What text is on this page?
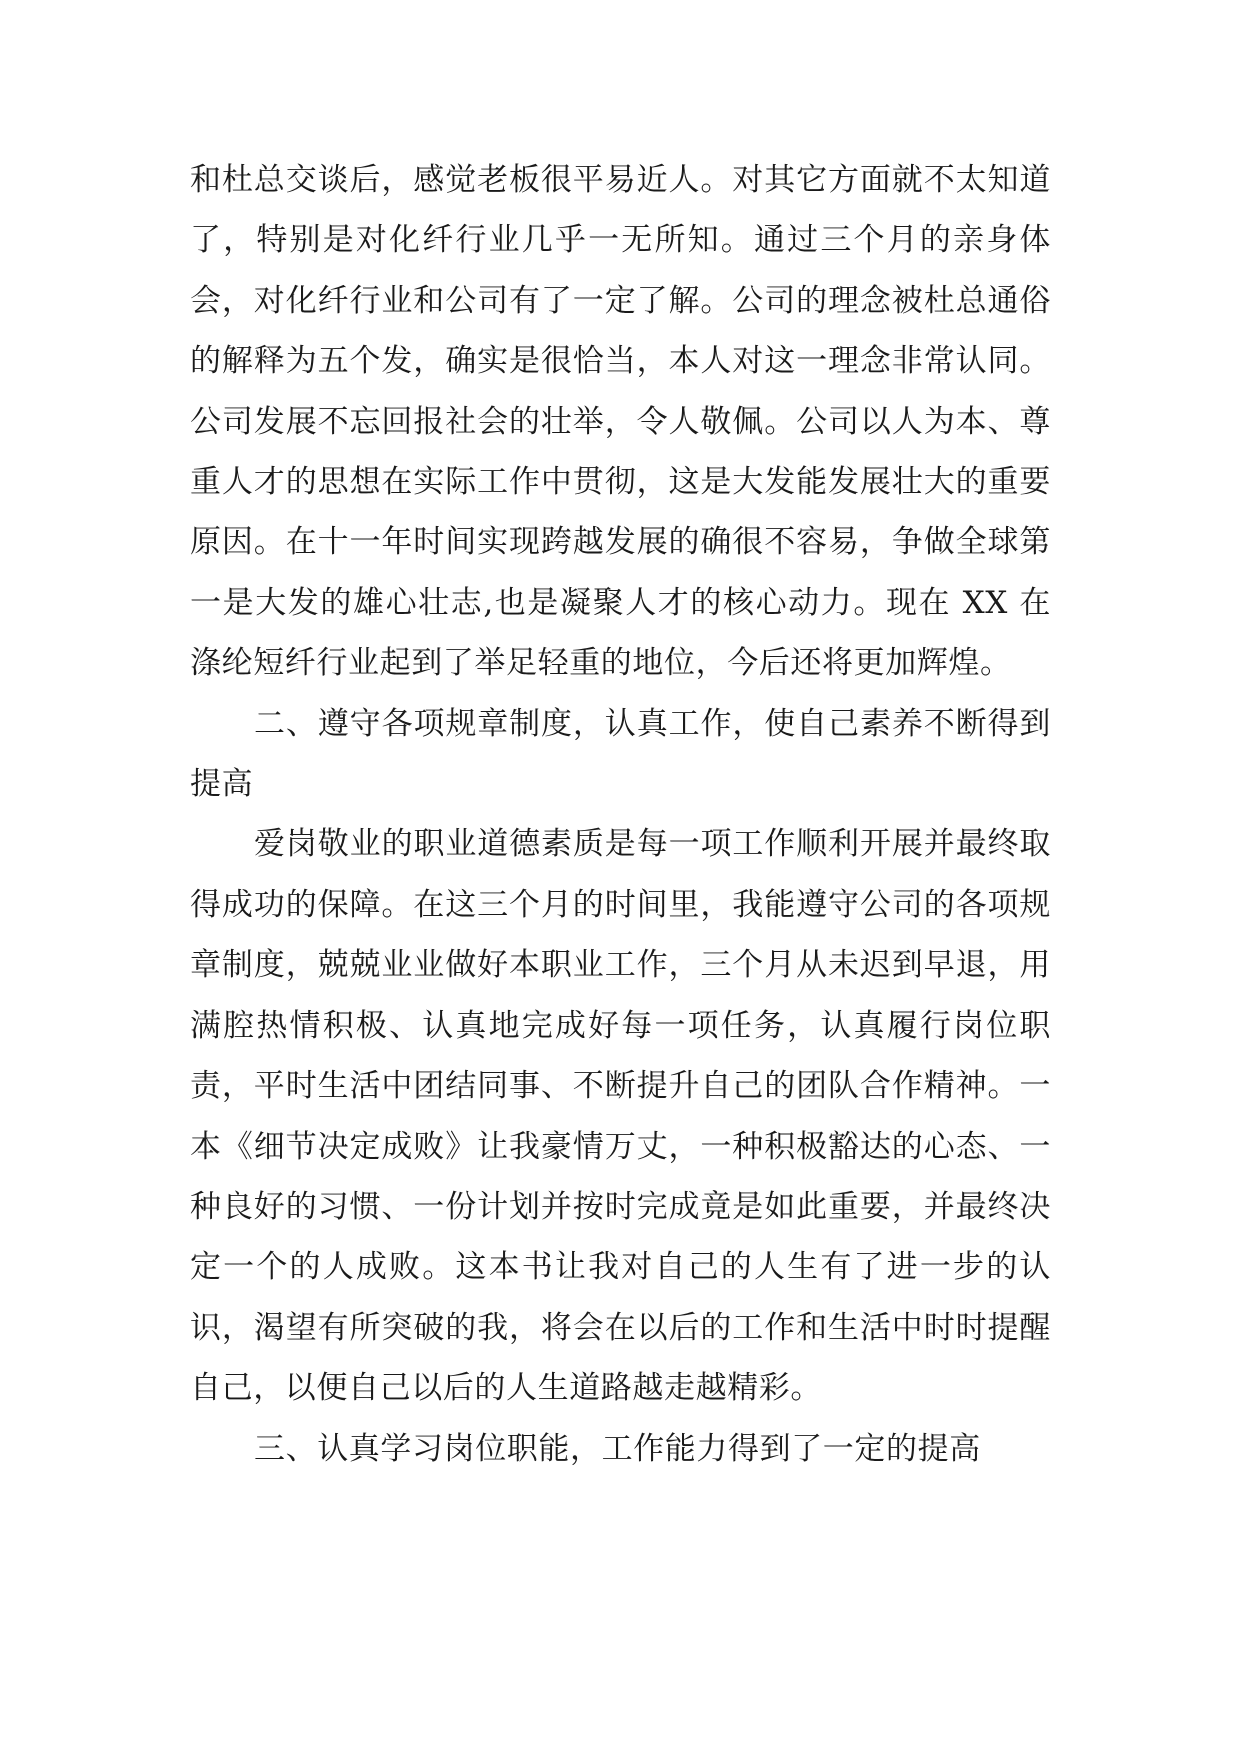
和杜总交谈后，感觉老板很平易近人。对其它方面就不太知道了，特别是对化纤行业几乎一无所知。通过三个月的亲身体会，对化纤行业和公司有了一定了解。公司的理念被杜总通俗的解释为五个发，确实是很恰当，本人对这一理念非常认同。公司发展不忘回报社会的壮举，令人敬佩。公司以人为本、尊重人才的思想在实际工作中贯彻，这是大发能发展壮大的重要原因。在十一年时间实现跨越发展的确很不容易，争做全球第一是大发的雄心壮志,也是凝聚人才的核心动力。现在 XX 在涤纶短纤行业起到了举足轻重的地位，今后还将更加辉煌。

二、遵守各项规章制度，认真工作，使自己素养不断得到提高

爱岗敬业的职业道德素质是每一项工作顺利开展并最终取得成功的保障。在这三个月的时间里，我能遵守公司的各项规章制度，兢兢业业做好本职业工作，三个月从未迟到早退，用满腔热情积极、认真地完成好每一项任务，认真履行岗位职责，平时生活中团结同事、不断提升自己的团队合作精神。一本《细节决定成败》让我豪情万丈，一种积极豁达的心态、一种良好的习惯、一份计划并按时完成竟是如此重要，并最终决定一个的人成败。这本书让我对自己的人生有了进一步的认识，渴望有所突破的我，将会在以后的工作和生活中时时提醒自己，以便自己以后的人生道路越走越精彩。

三、认真学习岗位职能，工作能力得到了一定的提高
